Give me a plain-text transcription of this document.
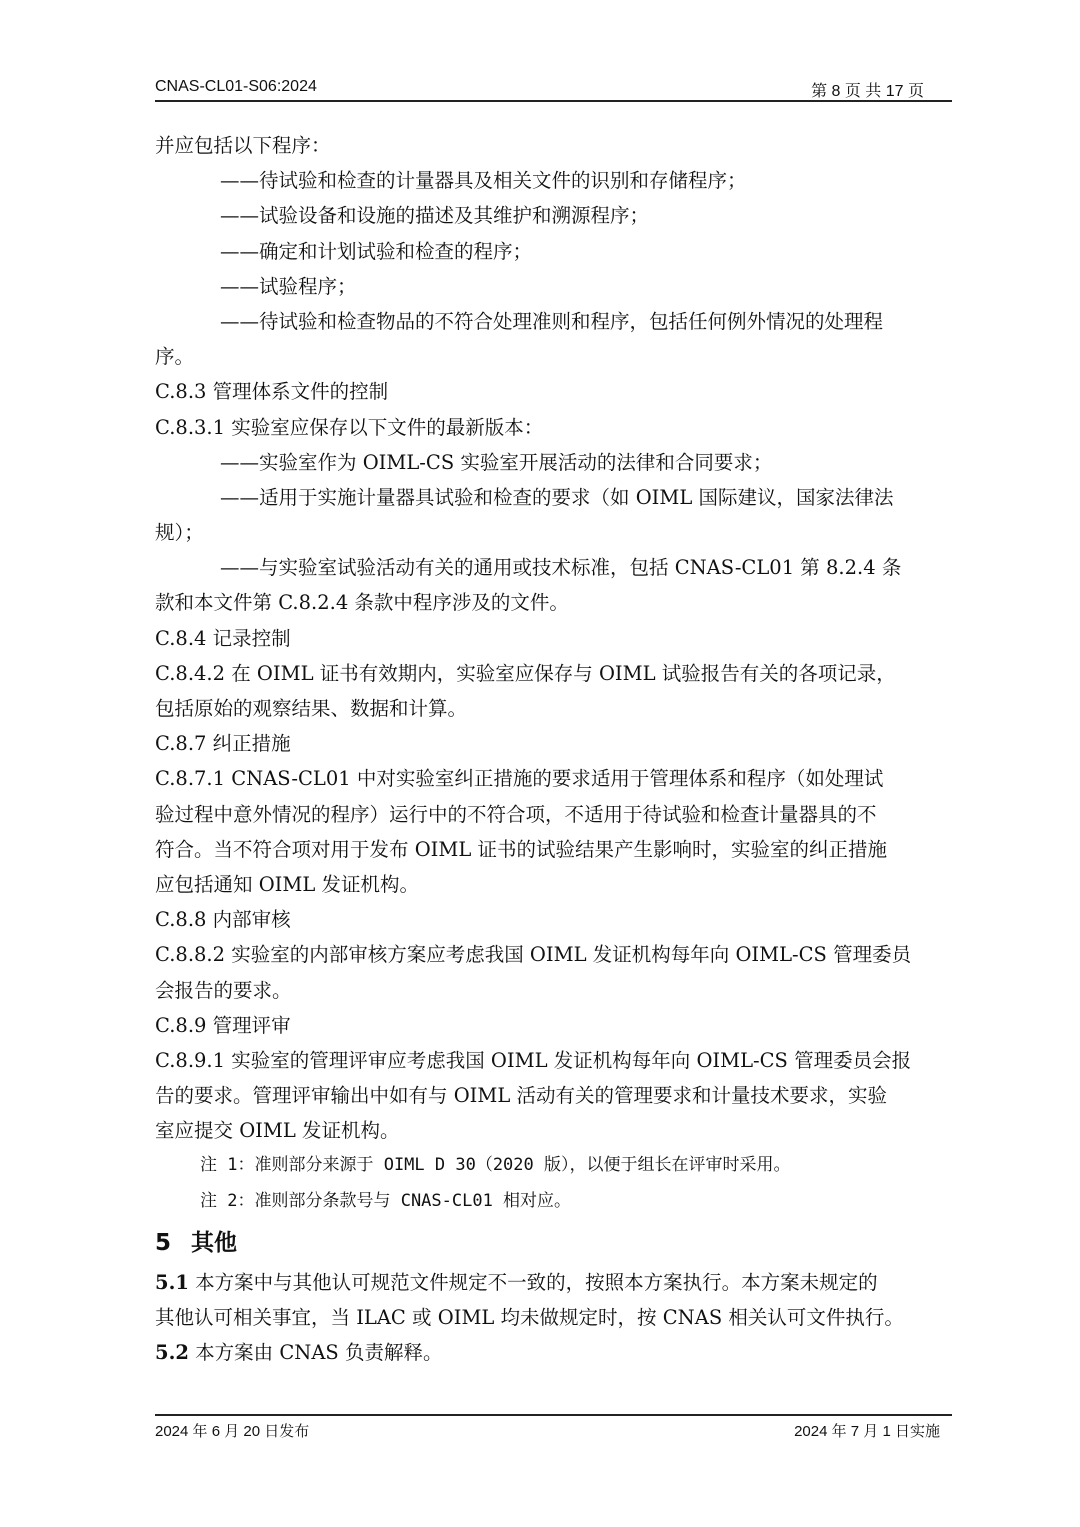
CNAS-CL01-S06:2024	第 8 页 共 17 页
并应包括以下程序：
——待试验和检查的计量器具及相关文件的识别和存储程序；
——试验设备和设施的描述及其维护和溯源程序；
——确定和计划试验和检查的程序；
——试验程序；
——待试验和检查物品的不符合处理准则和程序，包括任何例外情况的处理程
序。
C.8.3 管理体系文件的控制
C.8.3.1 实验室应保存以下文件的最新版本：
——实验室作为 OIML-CS 实验室开展活动的法律和合同要求；
——适用于实施计量器具试验和检查的要求（如 OIML 国际建议，国家法律法
规）；
——与实验室试验活动有关的通用或技术标准，包括 CNAS-CL01 第 8.2.4 条
款和本文件第 C.8.2.4 条款中程序涉及的文件。
C.8.4 记录控制
C.8.4.2 在 OIML 证书有效期内，实验室应保存与 OIML 试验报告有关的各项记录，
包括原始的观察结果、数据和计算。
C.8.7 纠正措施
C.8.7.1 CNAS-CL01 中对实验室纠正措施的要求适用于管理体系和程序（如处理试
验过程中意外情况的程序）运行中的不符合项，不适用于待试验和检查计量器具的不
符合。当不符合项对用于发布 OIML 证书的试验结果产生影响时，实验室的纠正措施
应包括通知 OIML 发证机构。
C.8.8 内部审核
C.8.8.2 实验室的内部审核方案应考虑我国 OIML 发证机构每年向 OIML-CS 管理委员
会报告的要求。
C.8.9 管理评审
C.8.9.1 实验室的管理评审应考虑我国 OIML 发证机构每年向 OIML-CS 管理委员会报
告的要求。管理评审输出中如有与 OIML 活动有关的管理要求和计量技术要求，实验
室应提交 OIML 发证机构。
注 1：准则部分来源于 OIML D 30（2020 版），以便于组长在评审时采用。
注 2：准则部分条款号与 CNAS-CL01 相对应。
5 其他
5.1 本方案中与其他认可规范文件规定不一致的，按照本方案执行。本方案未规定的
其他认可相关事宜，当 ILAC 或 OIML 均未做规定时，按 CNAS 相关认可文件执行。
5.2 本方案由 CNAS 负责解释。
2024 年 6 月 20 日发布	2024 年 7 月 1 日实施
